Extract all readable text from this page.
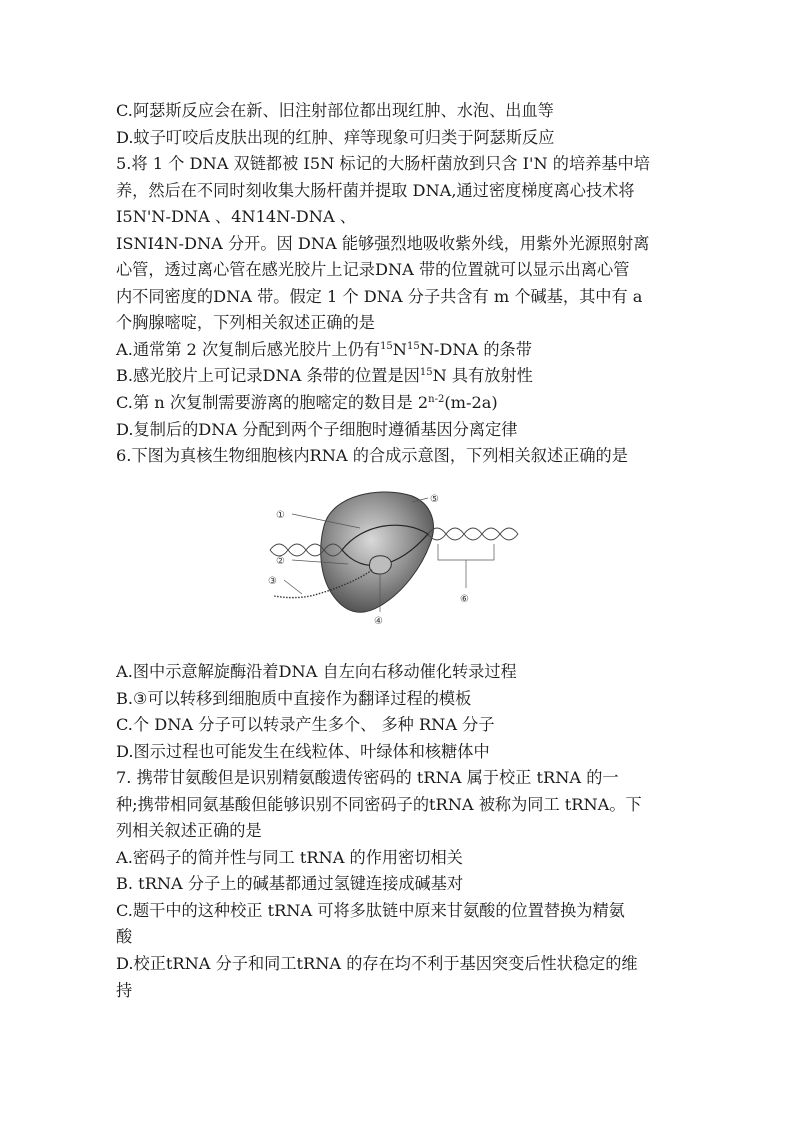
C.阿瑟斯反应会在新、旧注射部位都出现红肿、水泡、出血等
D.蚊子叮咬后皮肤出现的红肿、痒等现象可归类于阿瑟斯反应
5.将 1 个 DNA 双链都被 I5N 标记的大肠杆菌放到只含 I'N 的培养基中培
养，然后在不同时刻收集大肠杆菌并提取 DNA,通过密度梯度离心技术将
I5N'N-DNA 、4N14N-DNA 、
ISNI4N-DNA 分开。因 DNA 能够强烈地吸收紫外线，用紫外光源照射离
心管，透过离心管在感光胶片上记录DNA 带的位置就可以显示出离心管
内不同密度的DNA 带。假定 1 个 DNA 分子共含有 m 个碱基，其中有 a
个胸腺嘧啶，下列相关叙述正确的是
A.通常第 2 次复制后感光胶片上仍有$^{15}N^{15}N$-DNA 的条带
B.感光胶片上可记录DNA 条带的位置是因$^{15}$N 具有放射性
C.第 n 次复制需要游离的胞嘧定的数目是 2$^{n-2}$(m-2a)
D.复制后的DNA 分配到两个子细胞时遵循基因分离定律
6.下图为真核生物细胞核内RNA 的合成示意图，下列相关叙述正确的是
①
②
③
④
⑤
⑥
A.图中示意解旋酶沿着DNA 自左向右移动催化转录过程
B.③可以转移到细胞质中直接作为翻译过程的模板
C.个 DNA 分子可以转录产生多个、 多种 RNA 分子
D.图示过程也可能发生在线粒体、叶绿体和核糖体中
7. 携带甘氨酸但是识别精氨酸遗传密码的 tRNA 属于校正 tRNA 的一
种;携带相同氨基酸但能够识别不同密码子的tRNA 被称为同工 tRNA。下
列相关叙述正确的是
A.密码子的简并性与同工 tRNA 的作用密切相关
B. tRNA 分子上的碱基都通过氢键连接成碱基对
C.题干中的这种校正 tRNA 可将多肽链中原来甘氨酸的位置替换为精氨
酸
D.校正tRNA 分子和同工tRNA 的存在均不利于基因突变后性状稳定的维
持
